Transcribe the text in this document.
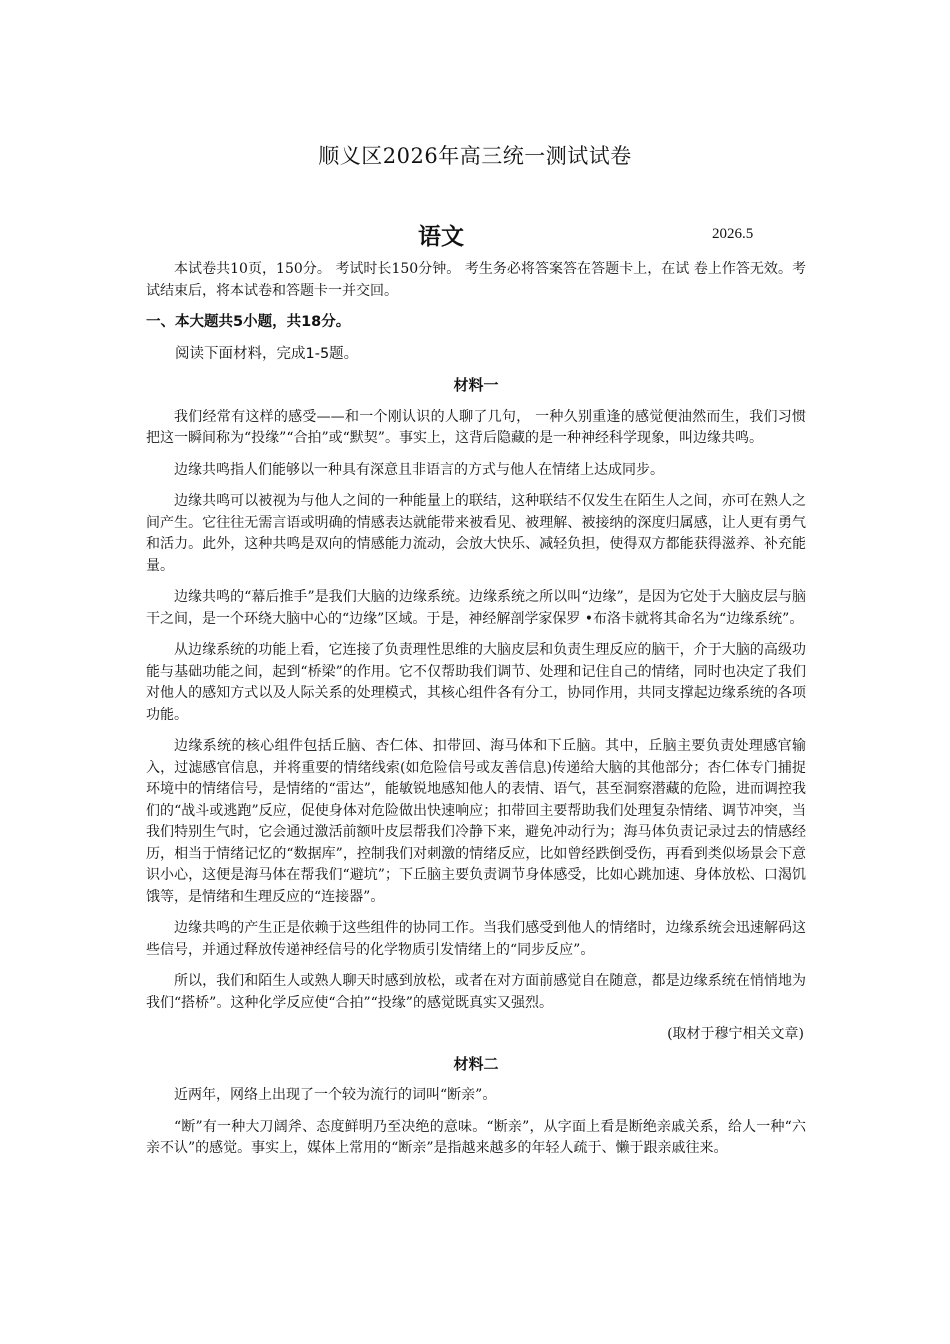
顺义区2026年高三统一测试试卷
语文	2026.5

本试卷共10页，150分。 考试时长150分钟。 考生务必将答案答在答题卡上，在试 卷上作答无效。考试结束后，将本试卷和答题卡一并交回。

一、本大题共5小题，共18分。

阅读下面材料，完成1-5题。

材料一

我们经常有这样的感受——和一个刚认识的人聊了几句， 一种久别重逢的感觉便油然而生，我们习惯把这一瞬间称为“投缘”“合拍”或“默契”。事实上，这背后隐藏的是一种神经科学现象，叫边缘共鸣。

边缘共鸣指人们能够以一种具有深意且非语言的方式与他人在情绪上达成同步。

边缘共鸣可以被视为与他人之间的一种能量上的联结，这种联结不仅发生在陌生人之间，亦可在熟人之间产生。它往往无需言语或明确的情感表达就能带来被看见、被理解、被接纳的深度归属感，让人更有勇气和活力。此外，这种共鸣是双向的情感能力流动，会放大快乐、减轻负担，使得双方都能获得滋养、补充能量。

边缘共鸣的“幕后推手”是我们大脑的边缘系统。边缘系统之所以叫“边缘”，是因为它处于大脑皮层与脑干之间，是一个环绕大脑中心的“边缘”区域。于是，神经解剖学家保罗 •布洛卡就将其命名为“边缘系统”。

从边缘系统的功能上看，它连接了负责理性思维的大脑皮层和负责生理反应的脑干，介于大脑的高级功能与基础功能之间，起到“桥梁”的作用。它不仅帮助我们调节、处理和记住自己的情绪，同时也决定了我们对他人的感知方式以及人际关系的处理模式，其核心组件各有分工，协同作用，共同支撑起边缘系统的各项功能。

边缘系统的核心组件包括丘脑、杏仁体、扣带回、海马体和下丘脑。其中，丘脑主要负责处理感官输入，过滤感官信息，并将重要的情绪线索(如危险信号或友善信息)传递给大脑的其他部分；杏仁体专门捕捉环境中的情绪信号，是情绪的“雷达”，能敏锐地感知他人的表情、语气，甚至洞察潜藏的危险，进而调控我们的“战斗或逃跑”反应，促使身体对危险做出快速响应；扣带回主要帮助我们处理复杂情绪、调节冲突，当我们特别生气时，它会通过激活前额叶皮层帮我们冷静下来，避免冲动行为；海马体负责记录过去的情感经历，相当于情绪记忆的“数据库”，控制我们对刺激的情绪反应，比如曾经跌倒受伤，再看到类似场景会下意识小心，这便是海马体在帮我们“避坑”；下丘脑主要负责调节身体感受，比如心跳加速、身体放松、口渴饥饿等，是情绪和生理反应的“连接器”。

边缘共鸣的产生正是依赖于这些组件的协同工作。当我们感受到他人的情绪时，边缘系统会迅速解码这些信号，并通过释放传递神经信号的化学物质引发情绪上的“同步反应”。

所以，我们和陌生人或熟人聊天时感到放松，或者在对方面前感觉自在随意，都是边缘系统在悄悄地为我们“搭桥”。这种化学反应使“合拍”“投缘”的感觉既真实又强烈。

(取材于穆宁相关文章)

材料二

近两年，网络上出现了一个较为流行的词叫“断亲”。

“断”有一种大刀阔斧、态度鲜明乃至决绝的意味。“断亲”，从字面上看是断绝亲戚关系，给人一种“六亲不认”的感觉。事实上，媒体上常用的“断亲”是指越来越多的年轻人疏于、懒于跟亲戚往来。
